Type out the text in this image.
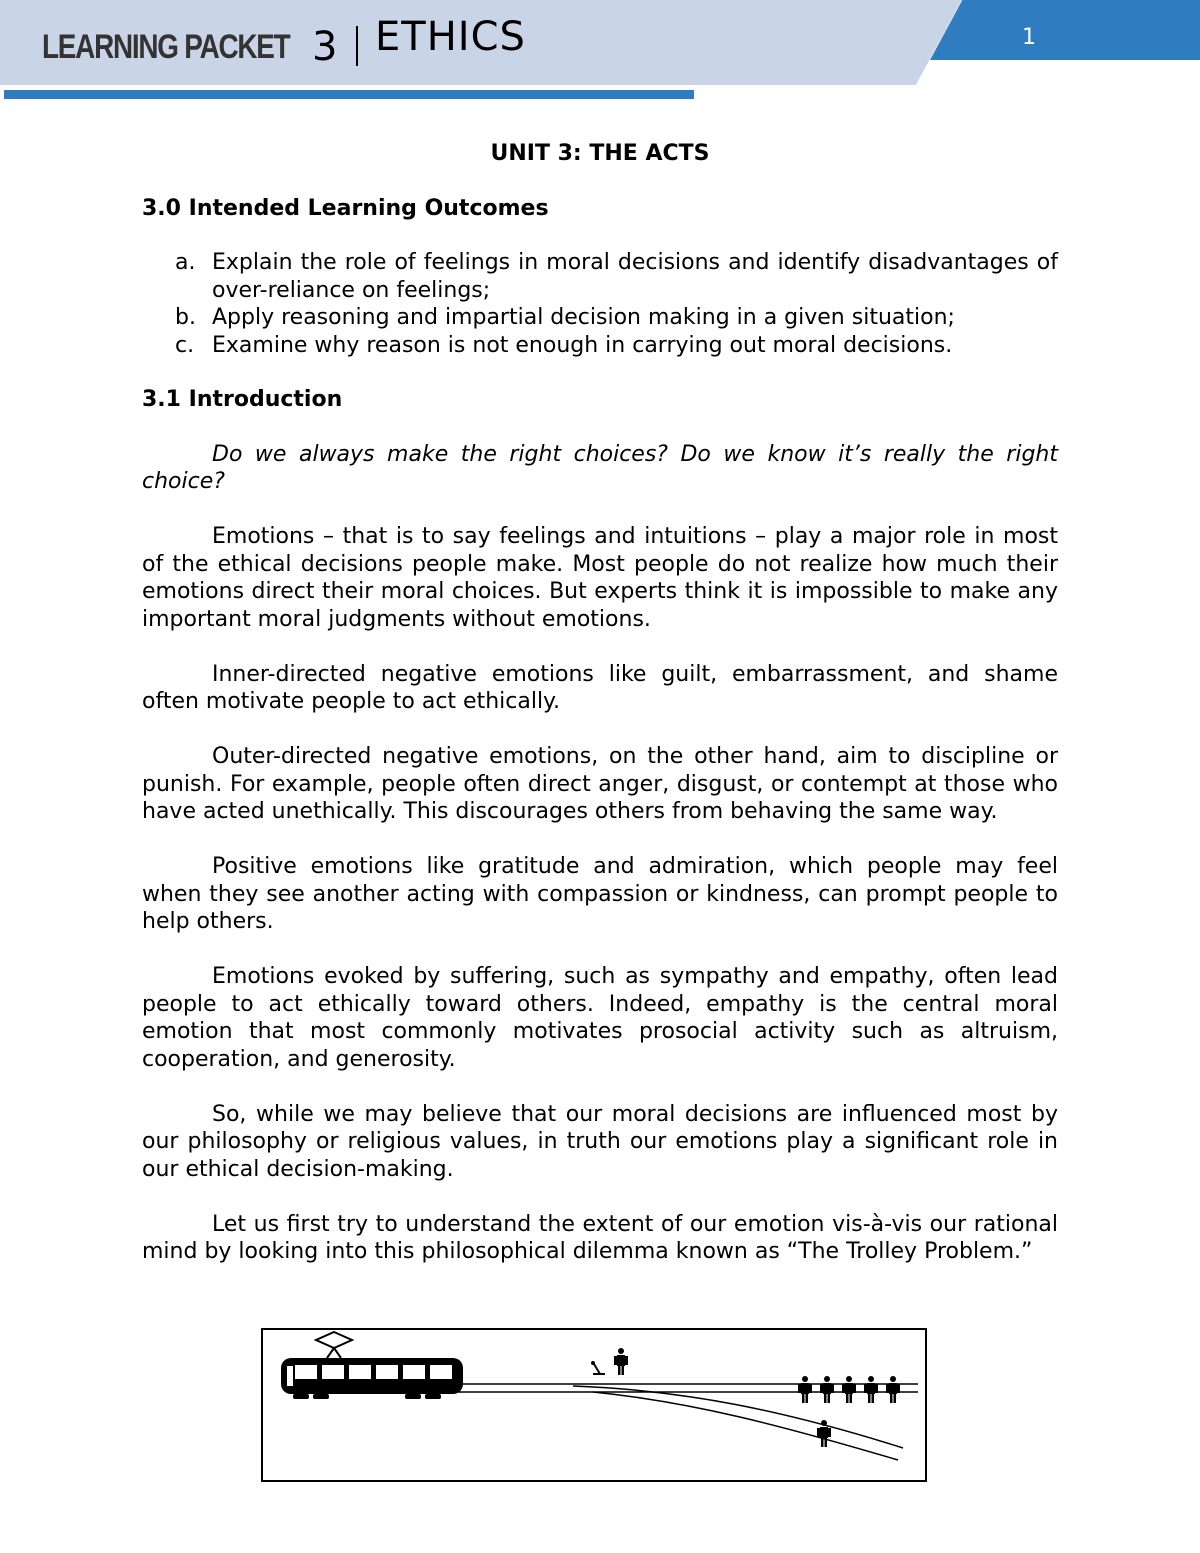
LEARNING PACKET 3 ETHICS	1
UNIT 3: THE ACTS
3.0 Intended Learning Outcomes
a. Explain the role of feelings in moral decisions and identify disadvantages of over-reliance on feelings;
b. Apply reasoning and impartial decision making in a given situation;
c. Examine why reason is not enough in carrying out moral decisions.
3.1 Introduction

Do we always make the right choices? Do we know it’s really the right choice?

Emotions – that is to say feelings and intuitions – play a major role in most of the ethical decisions people make. Most people do not realize how much their emotions direct their moral choices. But experts think it is impossible to make any important moral judgments without emotions.

Inner-directed negative emotions like guilt, embarrassment, and shame often motivate people to act ethically.

Outer-directed negative emotions, on the other hand, aim to discipline or punish. For example, people often direct anger, disgust, or contempt at those who have acted unethically. This discourages others from behaving the same way.

Positive emotions like gratitude and admiration, which people may feel when they see another acting with compassion or kindness, can prompt people to help others.

Emotions evoked by suffering, such as sympathy and empathy, often lead people to act ethically toward others. Indeed, empathy is the central moral emotion that most commonly motivates prosocial activity such as altruism, cooperation, and generosity.

So, while we may believe that our moral decisions are influenced most by our philosophy or religious values, in truth our emotions play a significant role in our ethical decision-making.

Let us first try to understand the extent of our emotion vis-à-vis our rational mind by looking into this philosophical dilemma known as “The Trolley Problem.”
